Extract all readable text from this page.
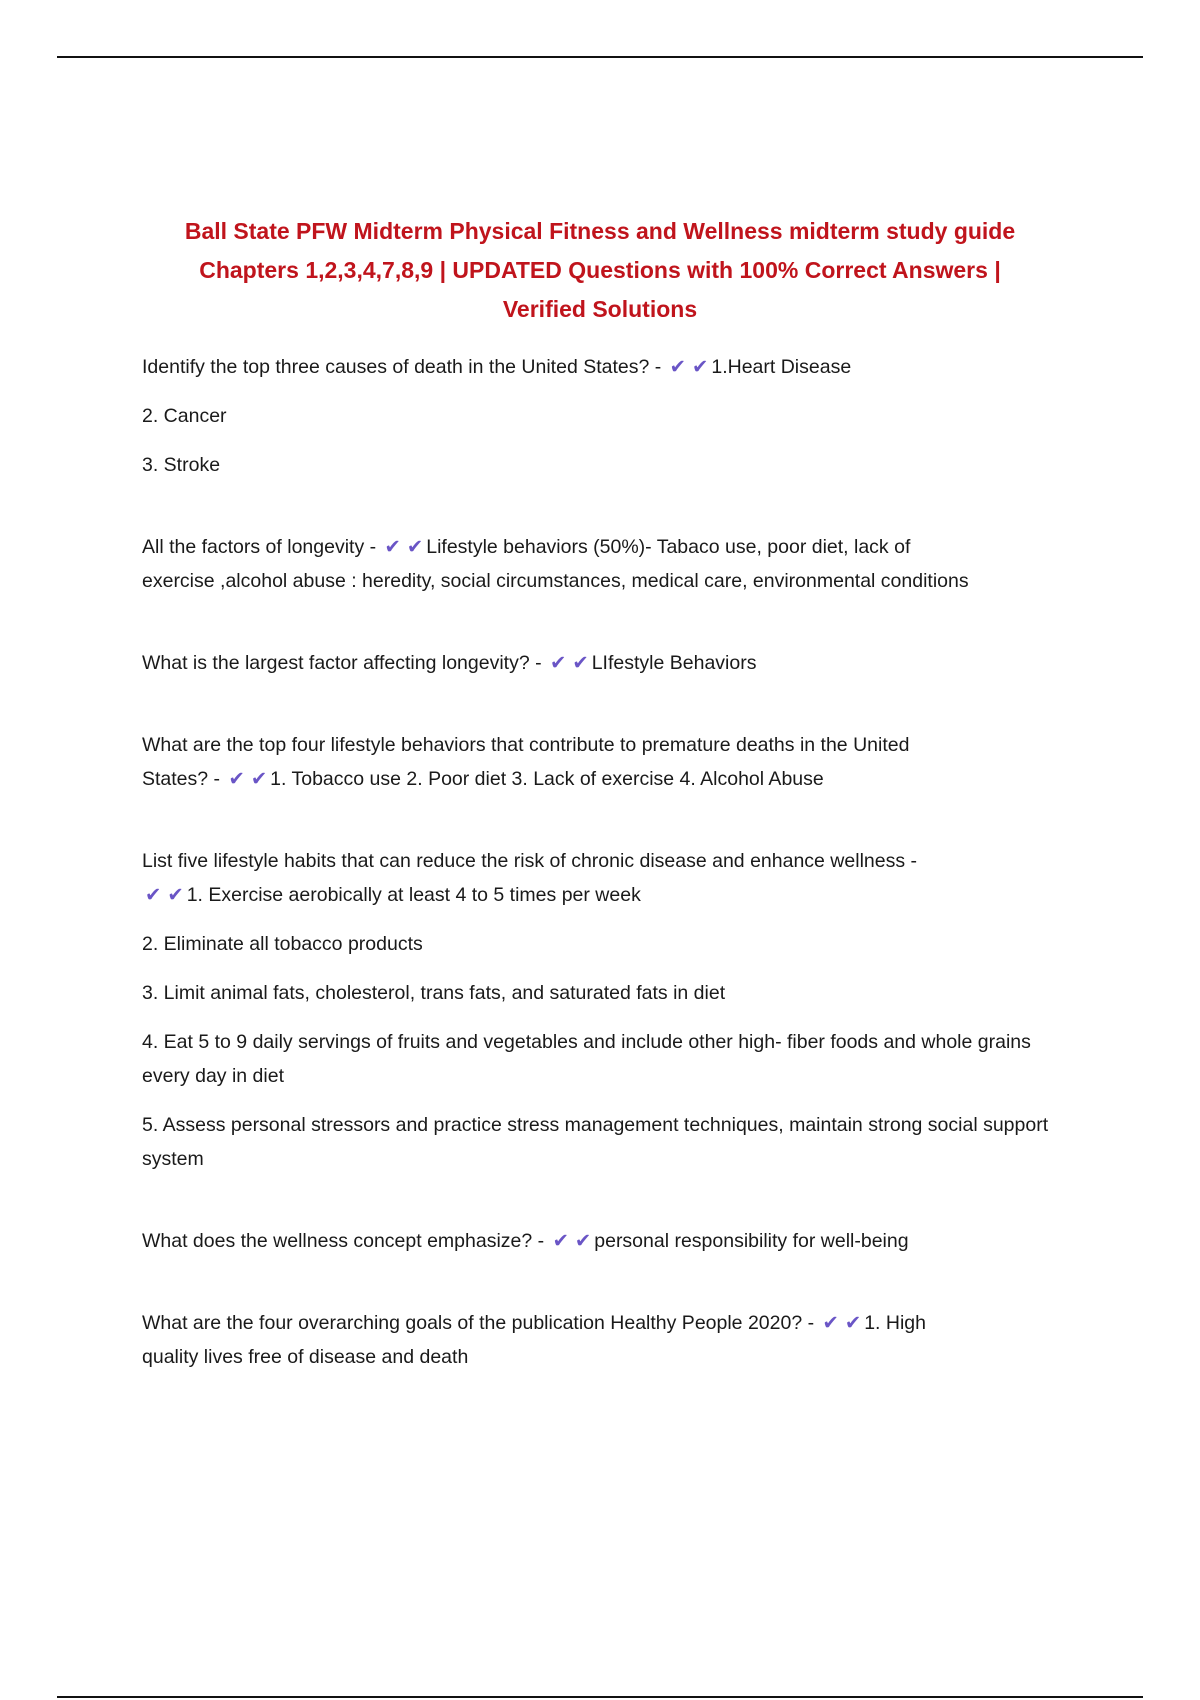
Ball State PFW Midterm Physical Fitness and Wellness midterm study guide
Chapters 1,2,3,4,7,8,9 | UPDATED Questions with 100% Correct Answers |
Verified Solutions
Identify the top three causes of death in the United States? - ✔ ✔ 1.Heart Disease
2. Cancer
3. Stroke
All the factors of longevity - ✔ ✔ Lifestyle behaviors (50%)- Tabaco use, poor diet, lack of
exercise ,alcohol abuse : heredity, social circumstances, medical care, environmental conditions
What is the largest factor affecting longevity? - ✔ ✔ LIfestyle Behaviors
What are the top four lifestyle behaviors that contribute to premature deaths in the United
States? - ✔ ✔ 1. Tobacco use 2. Poor diet 3. Lack of exercise 4. Alcohol Abuse
List five lifestyle habits that can reduce the risk of chronic disease and enhance wellness -
✔ ✔ 1. Exercise aerobically at least 4 to 5 times per week
2. Eliminate all tobacco products
3. Limit animal fats, cholesterol, trans fats, and saturated fats in diet
4. Eat 5 to 9 daily servings of fruits and vegetables and include other high- fiber foods and whole grains every day in diet
5. Assess personal stressors and practice stress management techniques, maintain strong social support system
What does the wellness concept emphasize? - ✔ ✔ personal responsibility for well-being
What are the four overarching goals of the publication Healthy People 2020? - ✔ ✔ 1. High
quality lives free of disease and death
